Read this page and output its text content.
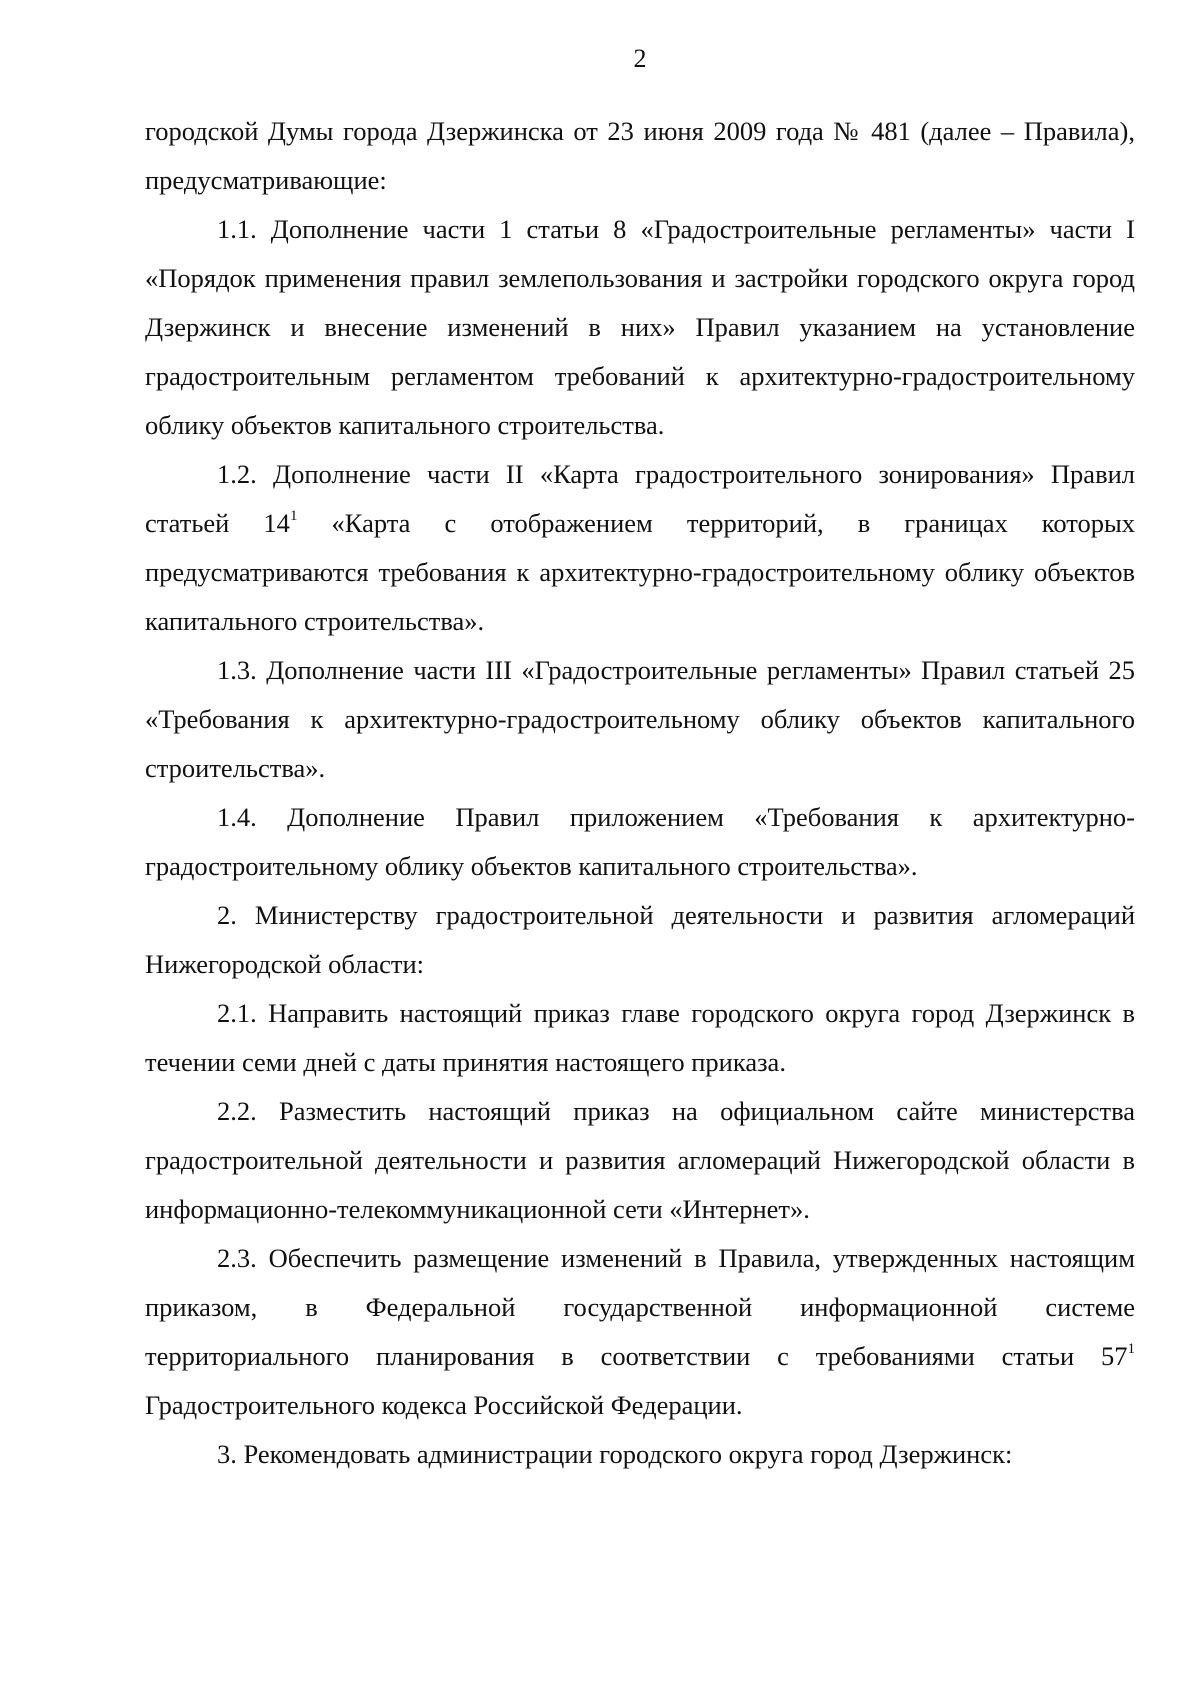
2

городской Думы города Дзержинска от 23 июня 2009 года № 481 (далее – Правила), предусматривающие:

1.1. Дополнение части 1 статьи 8 «Градостроительные регламенты» части I «Порядок применения правил землепользования и застройки городского округа город Дзержинск и внесение изменений в них» Правил указанием на установление градостроительным регламентом требований к архитектурно-градостроительному облику объектов капитального строительства.

1.2. Дополнение части II «Карта градостроительного зонирования» Правил статьей $14^1$ «Карта с отображением территорий, в границах которых предусматриваются требования к архитектурно-градостроительному облику объектов капитального строительства».

1.3. Дополнение части III «Градостроительные регламенты» Правил статьей 25 «Требования к архитектурно-градостроительному облику объектов капитального строительства».

1.4. Дополнение Правил приложением «Требования к архитектурно-градостроительному облику объектов капитального строительства».

2. Министерству градостроительной деятельности и развития агломераций Нижегородской области:

2.1. Направить настоящий приказ главе городского округа город Дзержинск в течении семи дней с даты принятия настоящего приказа.

2.2. Разместить настоящий приказ на официальном сайте министерства градостроительной деятельности и развития агломераций Нижегородской области в информационно-телекоммуникационной сети «Интернет».

2.3. Обеспечить размещение изменений в Правила, утвержденных настоящим приказом, в Федеральной государственной информационной системе территориального планирования в соответствии с требованиями статьи $57^1$ Градостроительного кодекса Российской Федерации.

3. Рекомендовать администрации городского округа город Дзержинск:
